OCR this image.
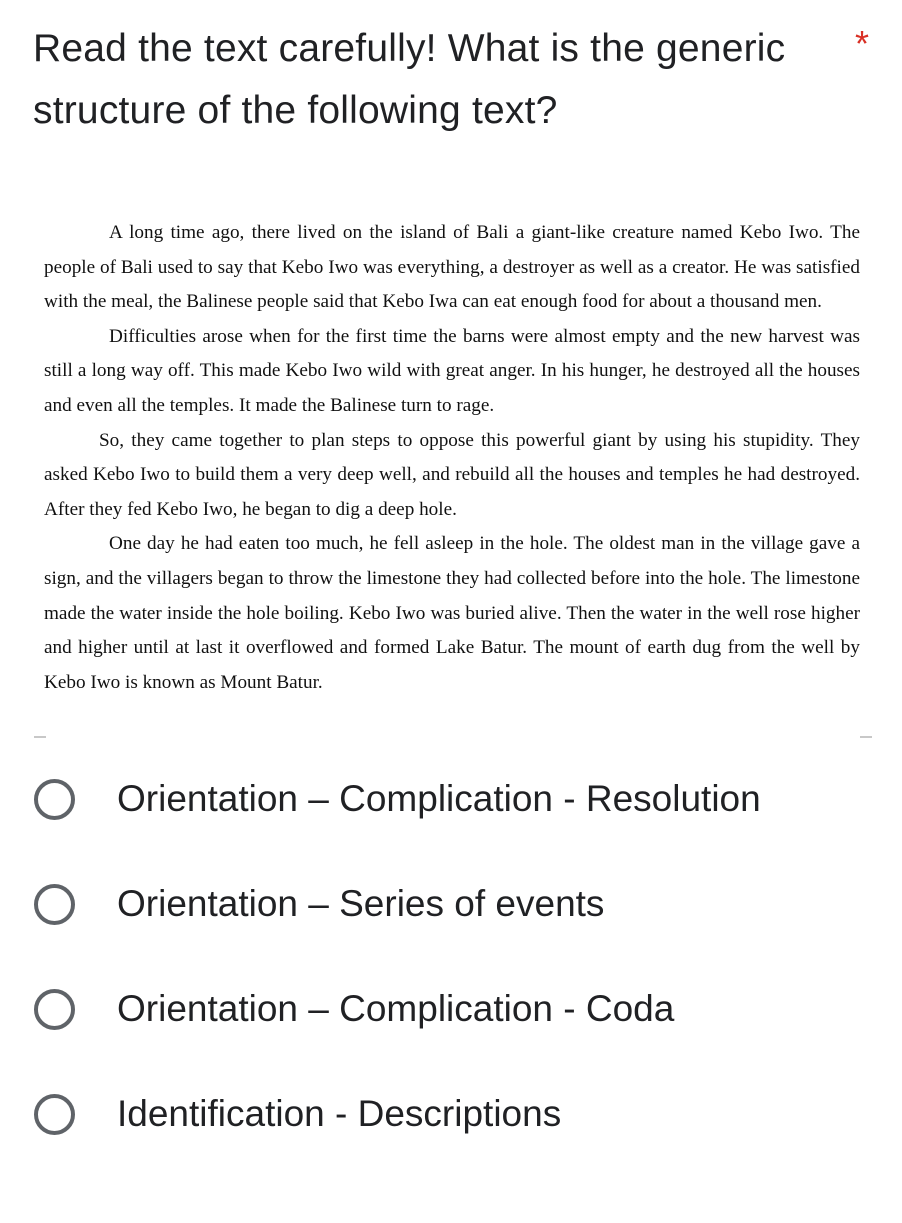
Read the text carefully! What is the generic structure of the following text?
*

A long time ago, there lived on the island of Bali a giant-like creature named Kebo Iwo. The people of Bali used to say that Kebo Iwo was everything, a destroyer as well as a creator. He was satisfied with the meal, the Balinese people said that Kebo Iwa can eat enough food for about a thousand men.

Difficulties arose when for the first time the barns were almost empty and the new harvest was still a long way off. This made Kebo Iwo wild with great anger. In his hunger, he destroyed all the houses and even all the temples. It made the Balinese turn to rage.

So, they came together to plan steps to oppose this powerful giant by using his stupidity. They asked Kebo Iwo to build them a very deep well, and rebuild all the houses and temples he had destroyed. After they fed Kebo Iwo, he began to dig a deep hole.

One day he had eaten too much, he fell asleep in the hole. The oldest man in the village gave a sign, and the villagers began to throw the limestone they had collected before into the hole. The limestone made the water inside the hole boiling. Kebo Iwo was buried alive. Then the water in the well rose higher and higher until at last it overflowed and formed Lake Batur. The mount of earth dug from the well by Kebo Iwo is known as Mount Batur.

Orientation – Complication - Resolution
Orientation – Series of events
Orientation – Complication - Coda
Identification - Descriptions
